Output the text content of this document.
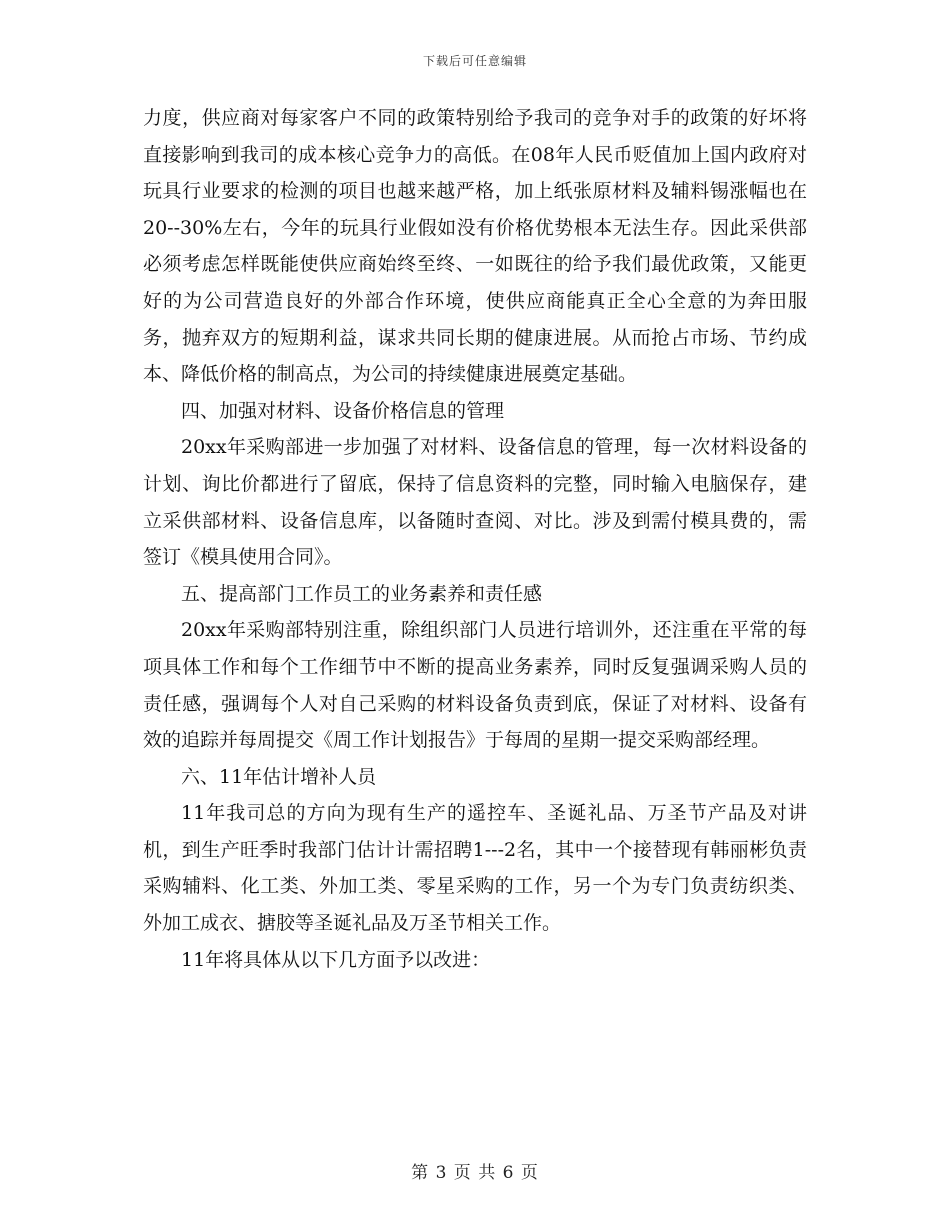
下载后可任意编辑

力度，供应商对每家客户不同的政策特别给予我司的竞争对手的政策的好坏将直接影响到我司的成本核心竞争力的高低。在08年人民币贬值加上国内政府对玩具行业要求的检测的项目也越来越严格，加上纸张原材料及辅料锡涨幅也在20--30%左右，今年的玩具行业假如没有价格优势根本无法生存。因此采供部必须考虑怎样既能使供应商始终至终、一如既往的给予我们最优政策，又能更好的为公司营造良好的外部合作环境，使供应商能真正全心全意的为奔田服务，抛弃双方的短期利益，谋求共同长期的健康进展。从而抢占市场、节约成本、降低价格的制高点，为公司的持续健康进展奠定基础。

四、加强对材料、设备价格信息的管理

20xx年采购部进一步加强了对材料、设备信息的管理，每一次材料设备的计划、询比价都进行了留底，保持了信息资料的完整，同时输入电脑保存，建立采供部材料、设备信息库，以备随时查阅、对比。涉及到需付模具费的，需签订《模具使用合同》。

五、提高部门工作员工的业务素养和责任感

20xx年采购部特别注重，除组织部门人员进行培训外，还注重在平常的每项具体工作和每个工作细节中不断的提高业务素养，同时反复强调采购人员的责任感，强调每个人对自己采购的材料设备负责到底，保证了对材料、设备有效的追踪并每周提交《周工作计划报告》于每周的星期一提交采购部经理。

六、11年估计增补人员

11年我司总的方向为现有生产的遥控车、圣诞礼品、万圣节产品及对讲机，到生产旺季时我部门估计计需招聘1---2名，其中一个接替现有韩丽彬负责采购辅料、化工类、外加工类、零星采购的工作，另一个为专门负责纺织类、外加工成衣、搪胶等圣诞礼品及万圣节相关工作。

11年将具体从以下几方面予以改进：

第 3 页 共 6 页
